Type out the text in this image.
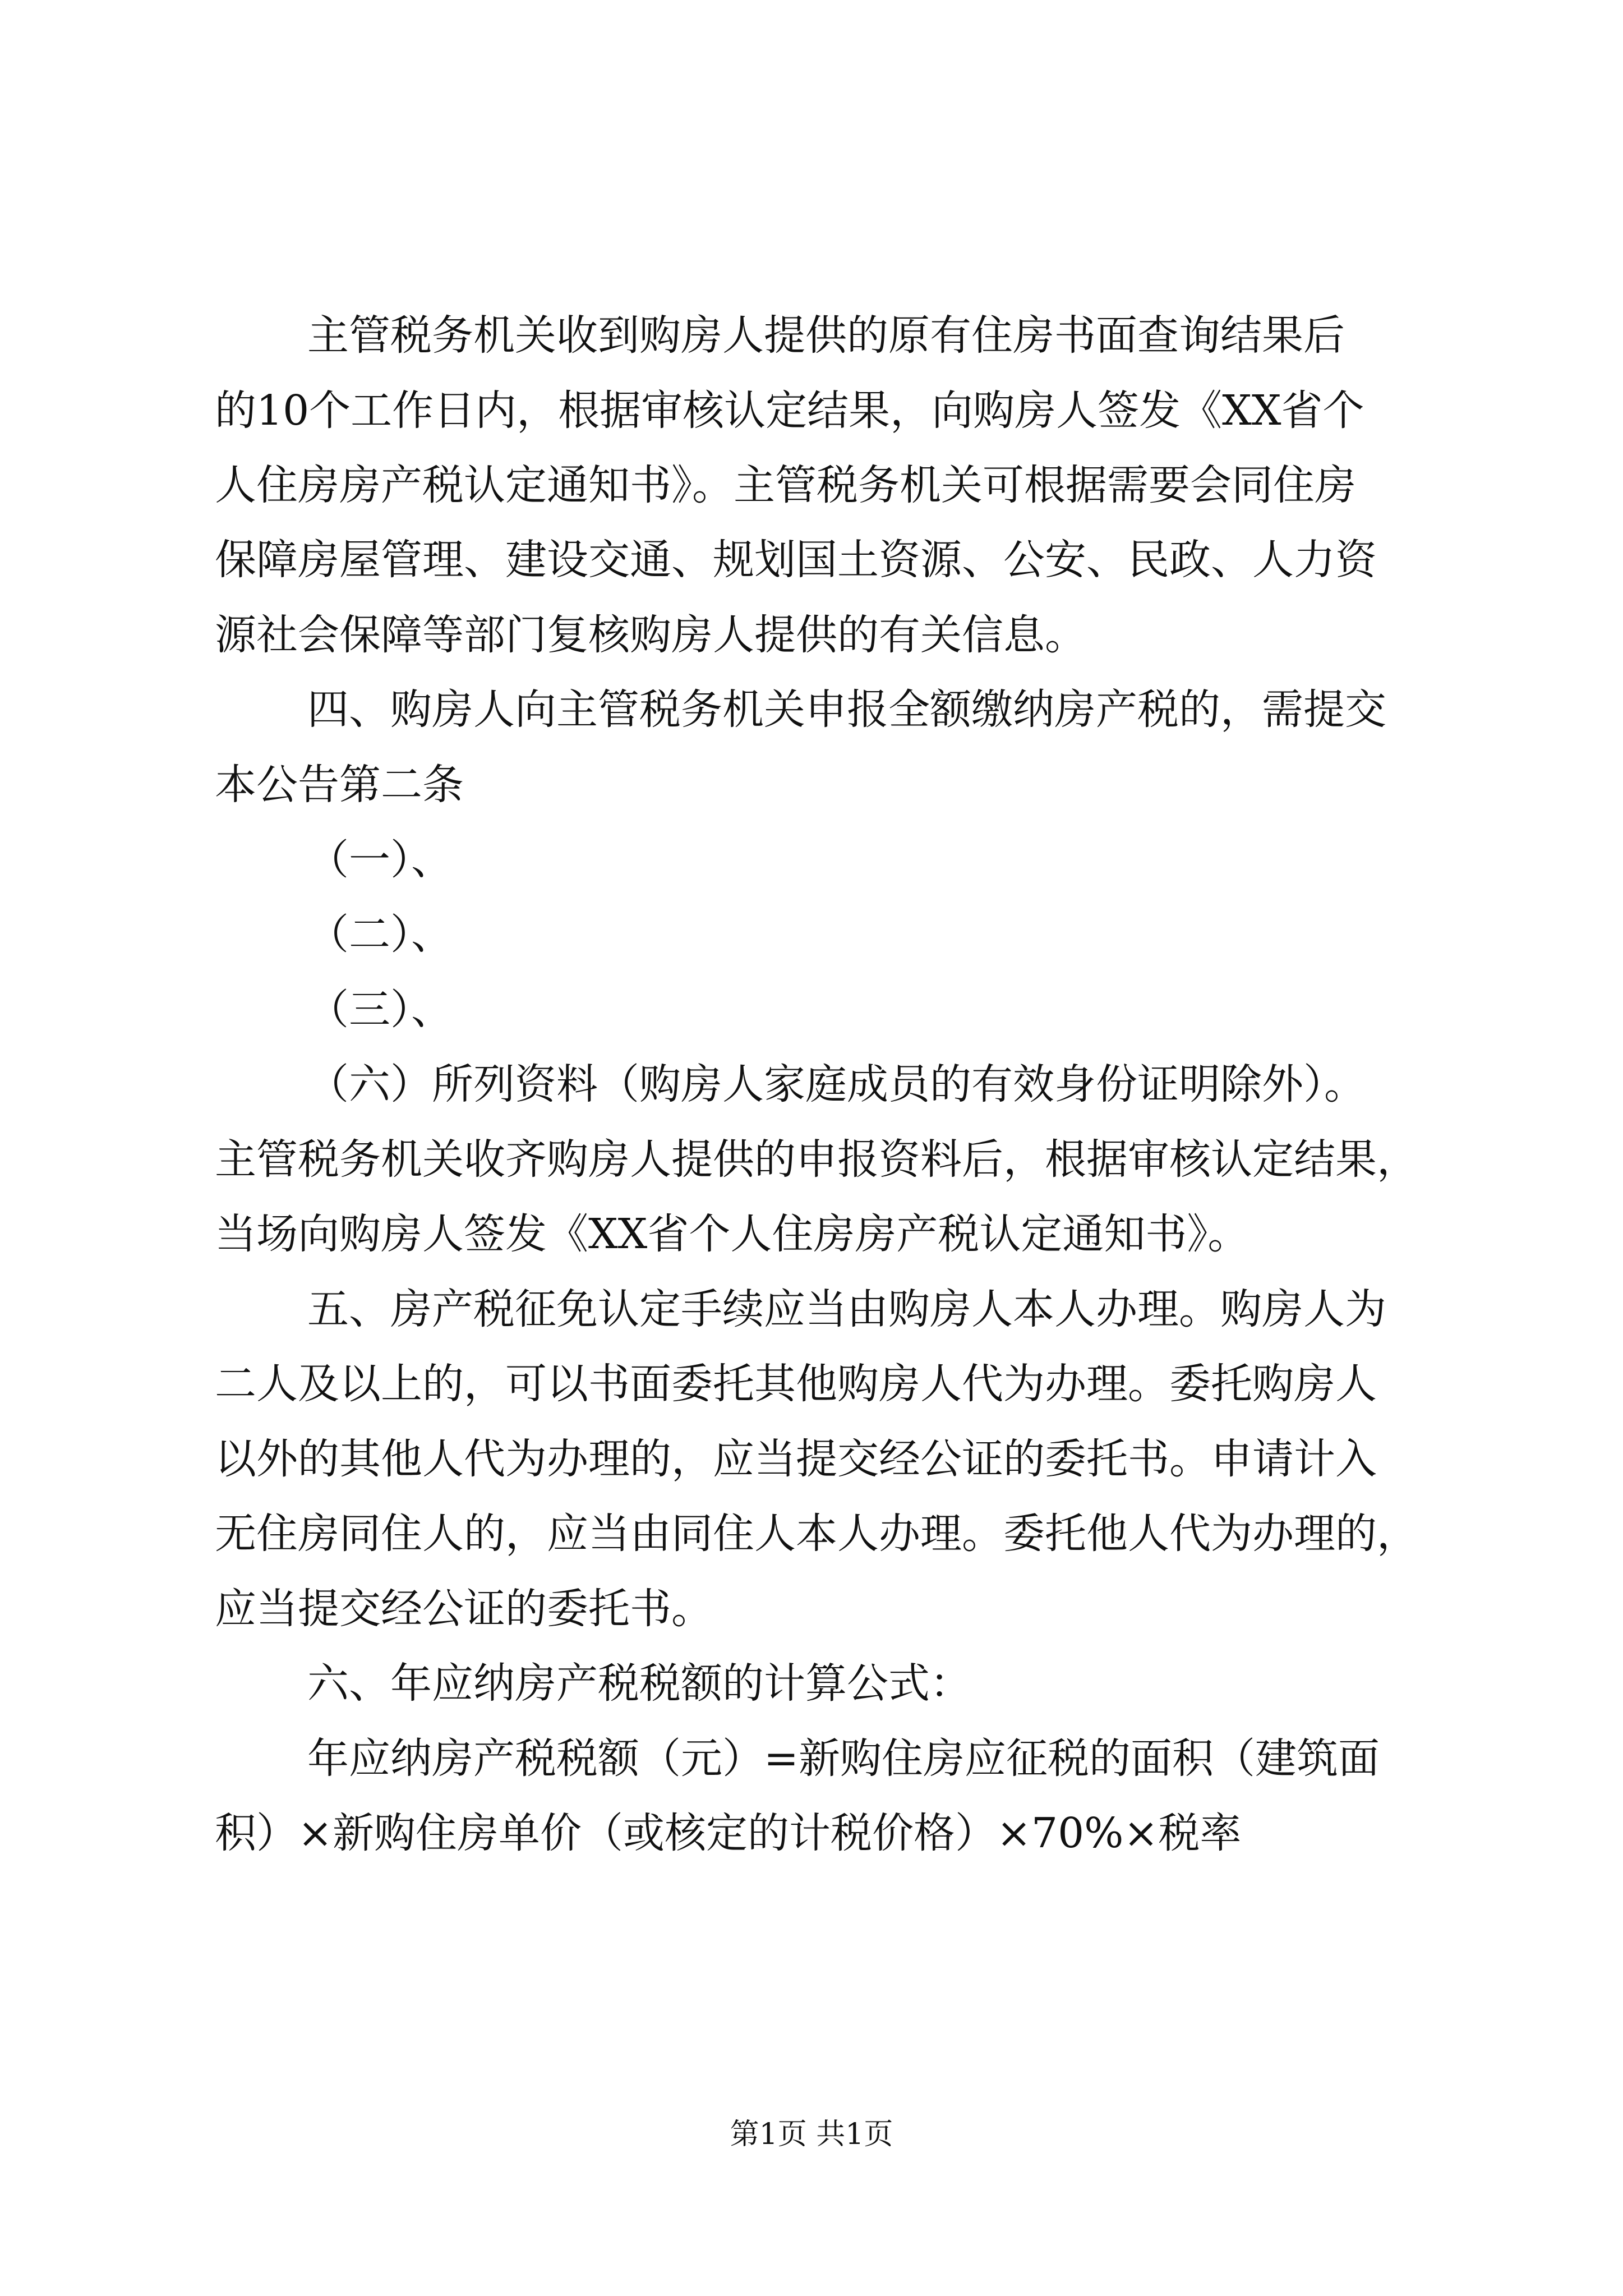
主管税务机关收到购房人提供的原有住房书面查询结果后
的10个工作日内，根据审核认定结果，向购房人签发《XX省个
人住房房产税认定通知书》。主管税务机关可根据需要会同住房
保障房屋管理、建设交通、规划国土资源、公安、民政、人力资
源社会保障等部门复核购房人提供的有关信息。
四、购房人向主管税务机关申报全额缴纳房产税的，需提交
本公告第二条
（一）、
（二）、
（三）、
（六）所列资料（购房人家庭成员的有效身份证明除外）。
主管税务机关收齐购房人提供的申报资料后，根据审核认定结果，
当场向购房人签发《XX省个人住房房产税认定通知书》。
五、房产税征免认定手续应当由购房人本人办理。购房人为
二人及以上的，可以书面委托其他购房人代为办理。委托购房人
以外的其他人代为办理的，应当提交经公证的委托书。申请计入
无住房同住人的，应当由同住人本人办理。委托他人代为办理的，
应当提交经公证的委托书。
六、年应纳房产税税额的计算公式：
年应纳房产税税额（元）=新购住房应征税的面积（建筑面
积）×新购住房单价（或核定的计税价格）×70%×税率
第1页 共1页
